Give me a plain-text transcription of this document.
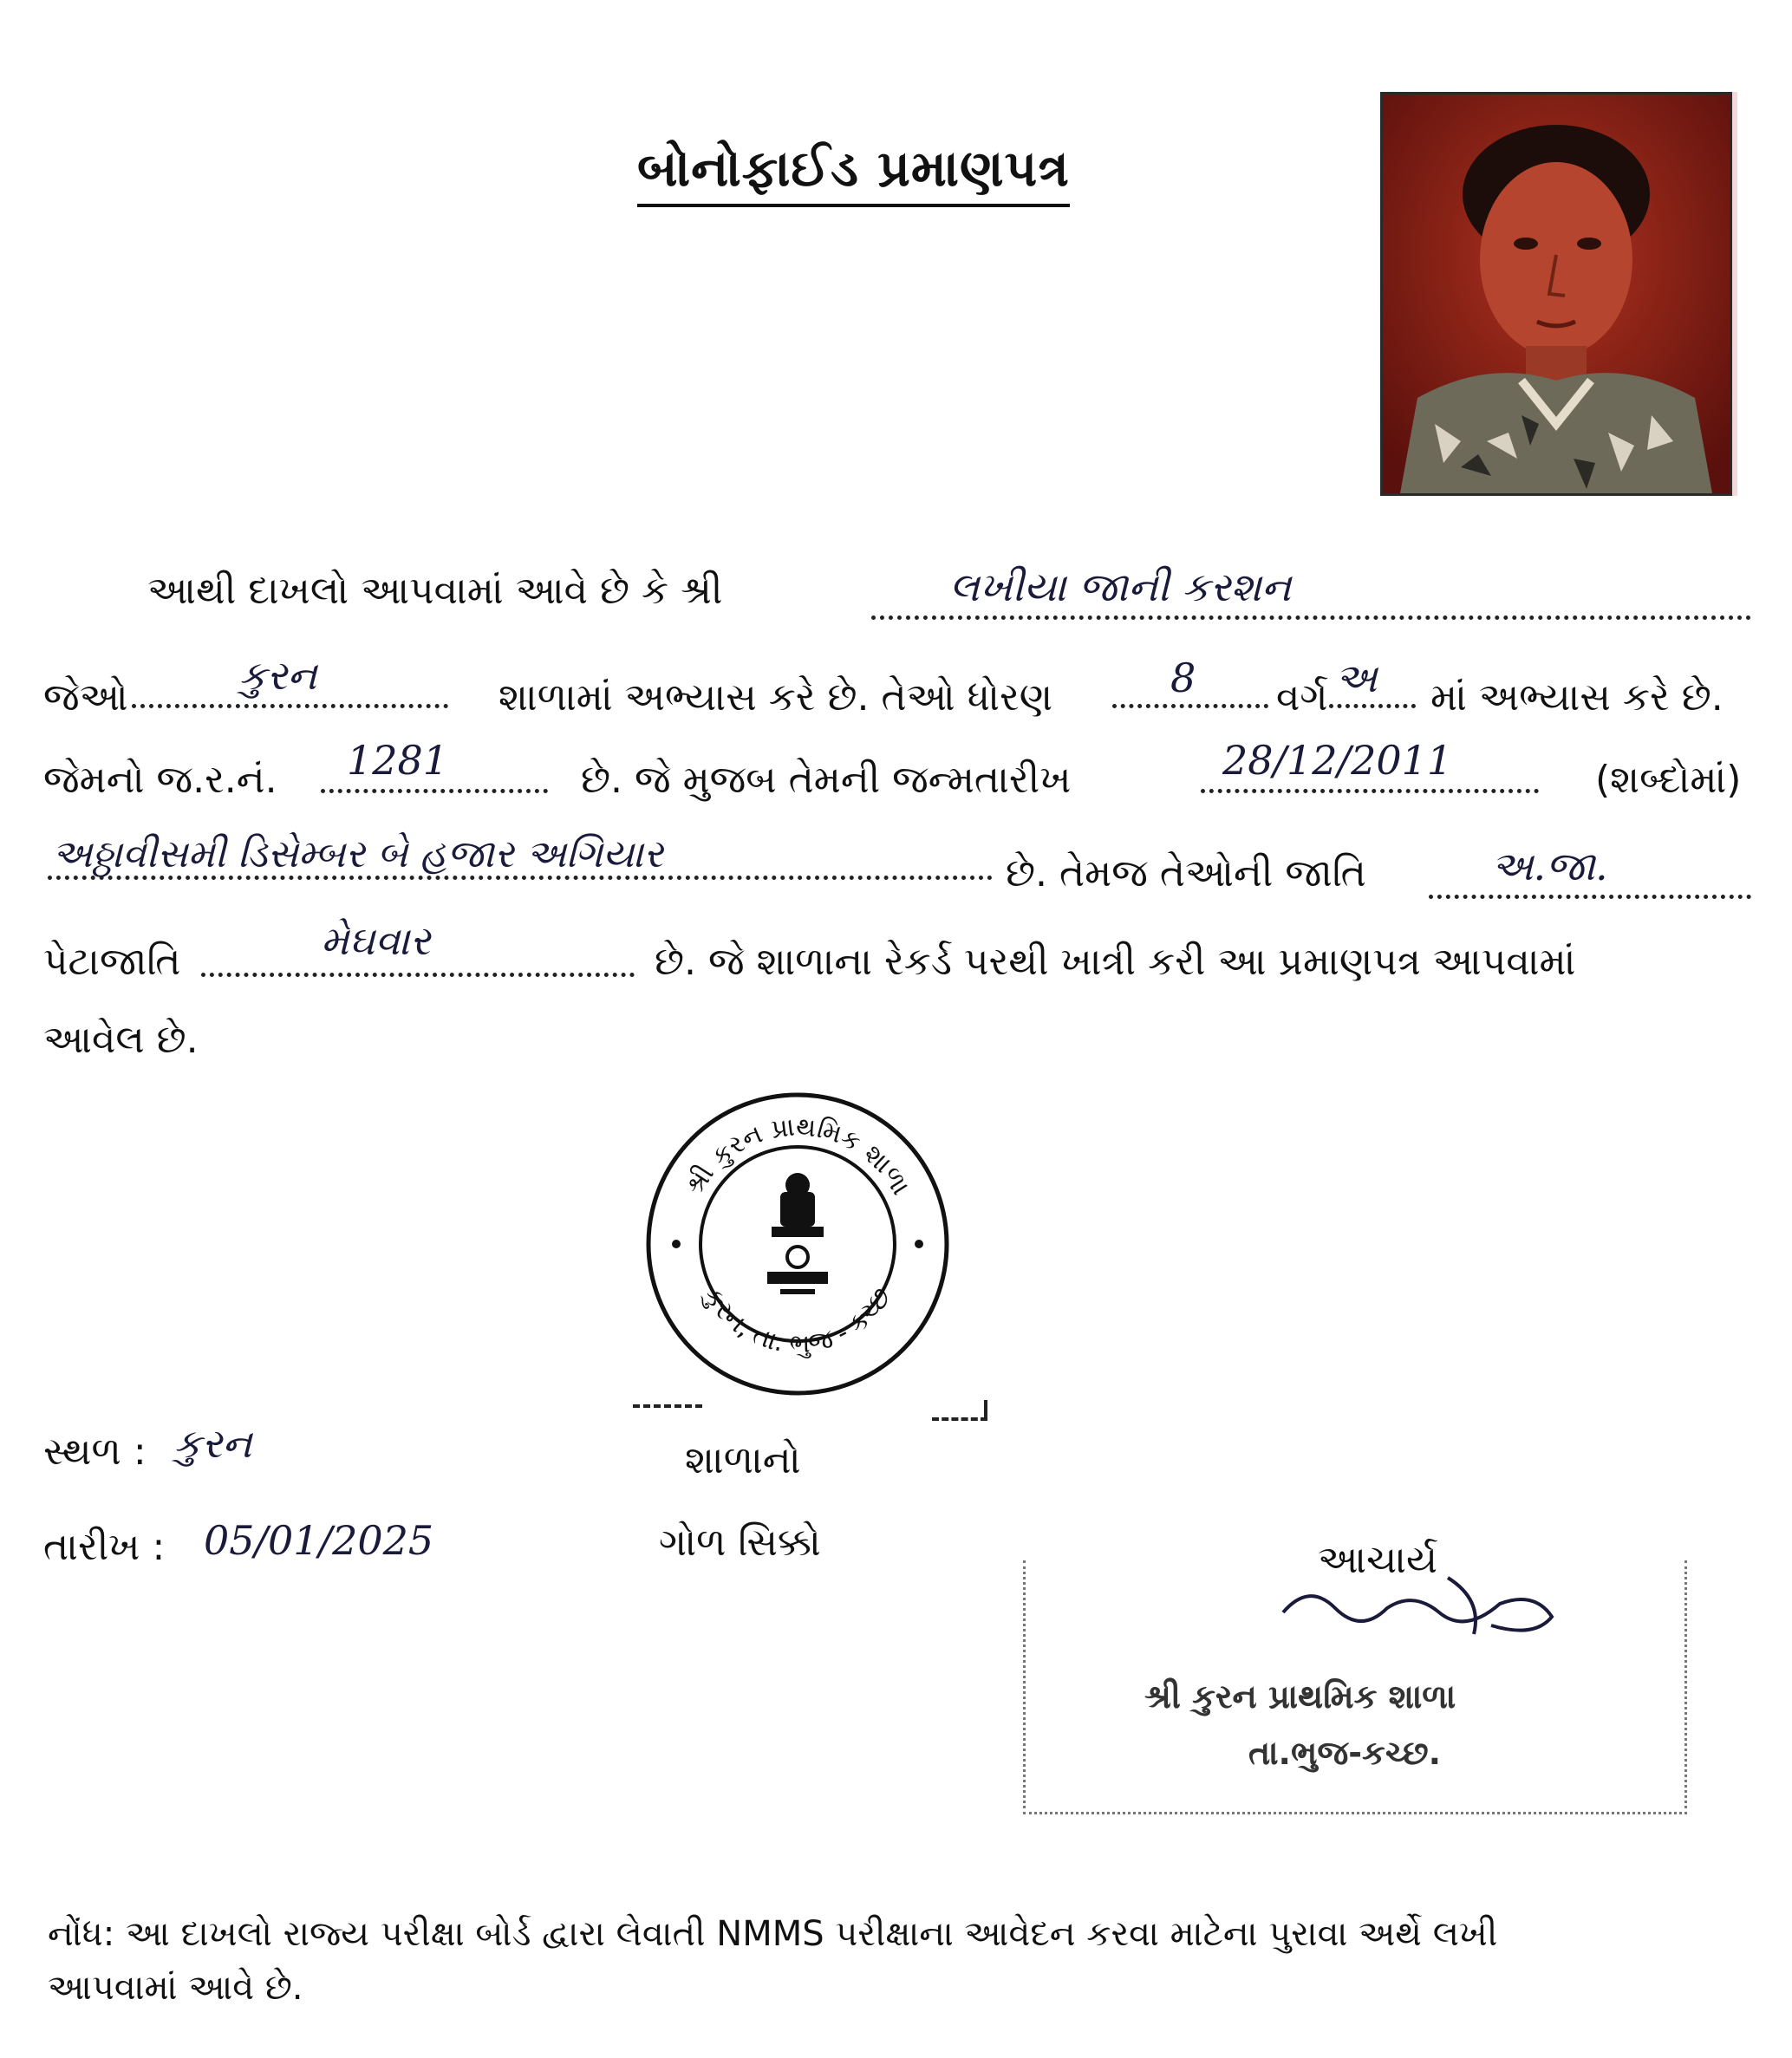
બોનોફાઈડ પ્રમાણપત્ર
આથી દાખલો આપવામાં આવે છે કે શ્રી	લખીયા જાની કરશન
જેઓ	કુરન	શાળામાં અભ્યાસ કરે છે. તેઓ ધોરણ	8 વર્ગ અ માં અભ્યાસ કરે છે.
જેમનો જ.ર.નં. 1281	છે. જે મુજબ તેમની જન્મતારીખ	28/12/2011	(શબ્દોમાં)
અઠ્ઠાવીસમી ડિસેમ્બર બે હજાર અગિયાર	છે. તેમજ તેઓની જાતિ	અ.જા.
પેટાજાતિ	મેઘવાર	છે. જે શાળાના રેકર્ડ પરથી ખાત્રી કરી આ પ્રમાણપત્ર આપવામાં
આવેલ છે.
શ્રી કુરન પ્રાથમિક શાળા
કુરન, તા. ભુજ - કચ્છ
સ્થળ : કુરન
તારીખ : 05/01/2025
શાળાનો
ગોળ સિક્કો	આચાર્ય
શ્રી કુરન પ્રાથમિક શાળા
તા.ભુજ-કચ્છ.
નોંધ: આ દાખલો રાજ્ય પરીક્ષા બોર્ડ દ્વારા લેવાતી NMMS પરીક્ષાના આવેદન કરવા માટેના પુરાવા અર્થે લખી
આપવામાં આવે છે.
